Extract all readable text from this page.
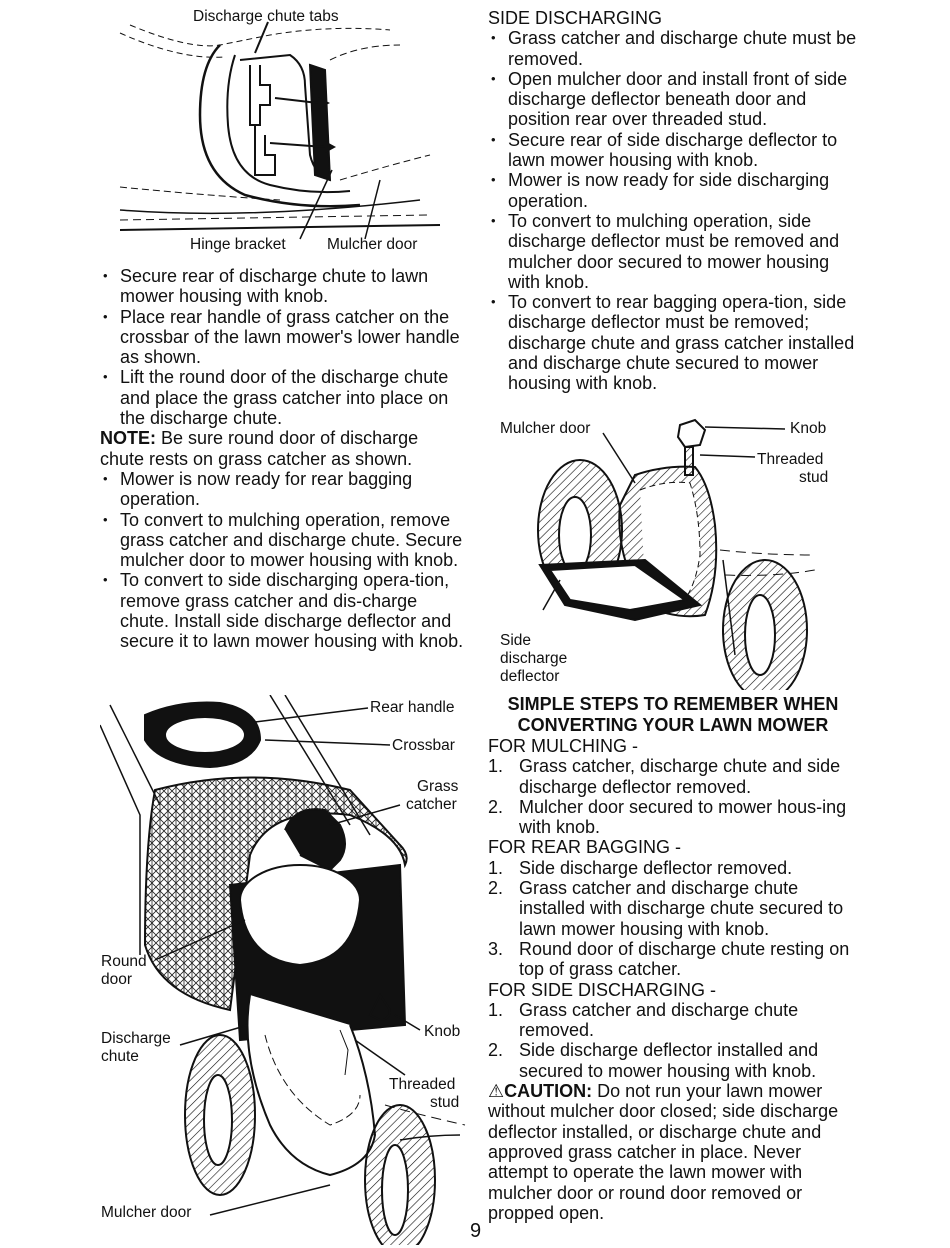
Discharge chute tabs
Hinge bracket	Mulcher door
• Secure rear of discharge chute to lawn mower housing with knob.
• Place rear handle of grass catcher on the crossbar of the lawn mower's lower handle as shown.
• Lift the round door of the discharge chute and place the grass catcher into place on the discharge chute.
NOTE: Be sure round door of discharge chute rests on grass catcher as shown.
• Mower is now ready for rear bagging operation.
• To convert to mulching operation, remove grass catcher and discharge chute. Secure mulcher door to mower housing with knob.
• To convert to side discharging opera-tion, remove grass catcher and dis-charge chute. Install side discharge deflector and secure it to lawn mower housing with knob.
Rear handle
Crossbar
Grass
catcher
Round
door
Discharge
chute
Knob
Threaded
stud
Mulcher door
SIDE DISCHARGING
• Grass catcher and discharge chute must be removed.
• Open mulcher door and install front of side discharge deflector beneath door and position rear over threaded stud.
• Secure rear of side discharge deflector to lawn mower housing with knob.
• Mower is now ready for side discharging operation.
• To convert to mulching operation, side discharge deflector must be removed and mulcher door secured to mower housing with knob.
• To convert to rear bagging opera-tion, side discharge deflector must be removed; discharge chute and grass catcher installed and discharge chute secured to mower housing with knob.
Mulcher door	Knob
Threaded
stud
Side
discharge
deflector
SIMPLE STEPS TO REMEMBER WHEN
CONVERTING YOUR LAWN MOWER
FOR MULCHING -
1. Grass catcher, discharge chute and side discharge deflector removed.
2. Mulcher door secured to mower hous-ing with knob.
FOR REAR BAGGING -
1. Side discharge deflector removed.
2. Grass catcher and discharge chute installed with discharge chute secured to lawn mower housing with knob.
3. Round door of discharge chute resting on top of grass catcher.
FOR SIDE DISCHARGING -
1. Grass catcher and discharge chute removed.
2. Side discharge deflector installed and secured to mower housing with knob.
⚠CAUTION: Do not run your lawn mower without mulcher door closed; side discharge deflector installed, or discharge chute and approved grass catcher in place. Never attempt to operate the lawn mower with mulcher door or round door removed or propped open.
9
